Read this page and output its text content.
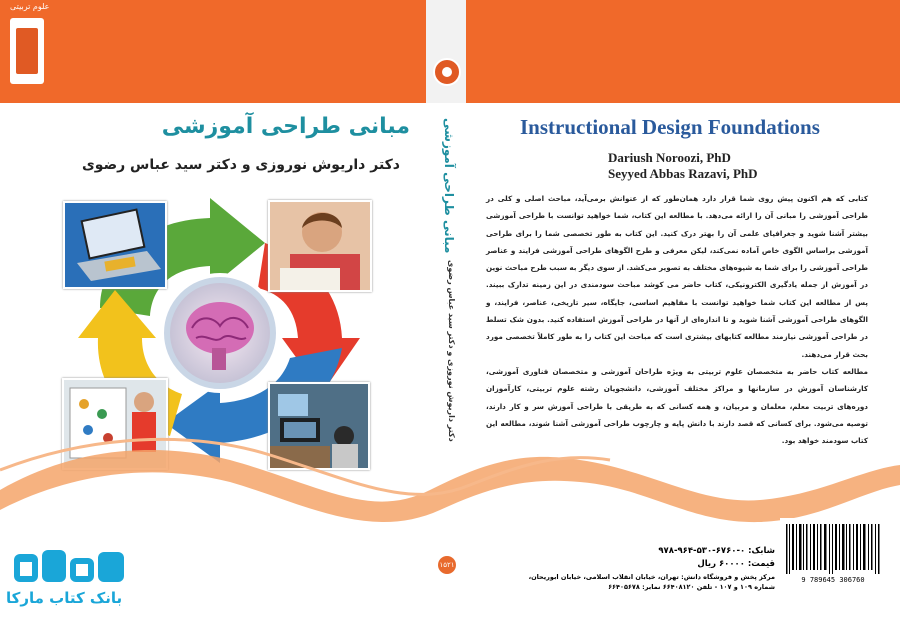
علوم تربیتی
مبانی طراحی آموزشی
دکتر داریوش نوروزی و دکتر سید عباس رضوی	مبانی طراحی آموزشی
دکتر داریوش نوروزی و دکتر سید عباس رضوی
Instructional Design Foundations
Dariush Noroozi, PhD
Seyyed Abbas Razavi, PhD

کتابی که هم اکنون پیش روی شما قرار دارد همان‌طور که از عنوانش برمی‌آید، مباحث اصلی و کلی در طراحی آموزشی را مبانی آن را ارائه می‌دهد. با مطالعه این کتاب، شما خواهید توانست با طراحی آموزشی بیشتر آشنا شوید و جغرافیای علمی آن را بهتر درک کنید. این کتاب به طور تخصصی شما را برای طراحی آموزشی براساس الگوی خاص آماده نمی‌کند، لیکن معرفی و طرح الگوهای طراحی آموزشی فرایند و عناصر طراحی آموزشی را برای شما به شیوه‌های مختلف به تصویر می‌کشد. از سوی دیگر به سبب طرح مباحث نوین در آموزش از جمله یادگیری الکترونیکی، کتاب حاضر می کوشد مباحث سودمندی در این زمینه تدارک ببیند. پس از مطالعه این کتاب شما خواهید توانست با مفاهیم اساسی، جایگاه، سیر تاریخی، عناصر، فرایند، و الگوهای طراحی آموزشی آشنا شوید و تا اندازه‌ای از آنها در طراحی آموزش استفاده کنید. بدون شک تسلط در طراحی آموزشی نیازمند مطالعه کتابهای بیشتری است که مباحث این کتاب را به طور کاملاً تخصصی مورد بحث قرار می‌دهند.

مطالعه کتاب حاضر به متخصصان علوم تربیتی به ویژه طراحان آموزشی و متخصصان فناوری آموزشی، کارشناسان آموزش در سازمانها و مراکز مختلف آموزشی، دانشجویان رشته علوم تربیتی، کارآموزان دوره‌های تربیت معلم، معلمان و مربیان، و همه کسانی که به طریقی با طراحی آموزش سر و کار دارند، توصیه می‌شود. برای کسانی که قصد دارند با دانش پایه و چارچوب طراحی آموزشی آشنا شوند، مطالعه این کتاب سودمند خواهد بود.

۱۵۲۱
شابک: ۰-۶۷۶۰-۵۳۰-۹۶۴-۹۷۸
قیمت: ۶۰۰۰۰ ریال
مرکز پخش و فروشگاه دانش: تهران، خیابان انقلاب اسلامی، خیابان ابوریحان،
شماره ۱۰۹ و ۱۰۷ - تلفن ۶۶۴۰۸۱۲۰ نمابر: ۶۶۴۰۵۶۷۸
9 789645 306760
بانک کتاب مارکا
